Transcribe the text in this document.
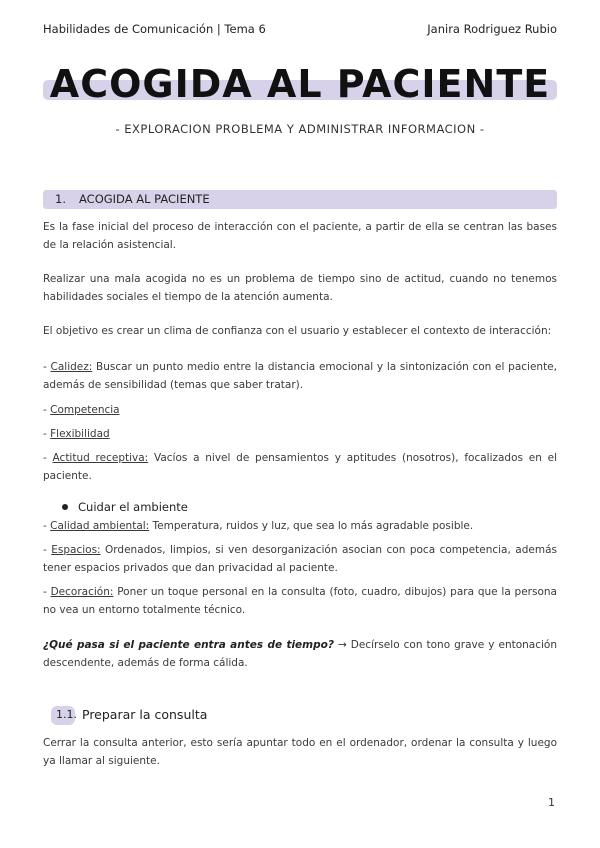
Habilidades de Comunicación | Tema 6	Janira Rodriguez Rubio
ACOGIDA AL PACIENTE
- EXPLORACION PROBLEMA Y ADMINISTRAR INFORMACION -
1. ACOGIDA AL PACIENTE
Es la fase inicial del proceso de interacción con el paciente, a partir de ella se centran las bases de la relación asistencial.
Realizar una mala acogida no es un problema de tiempo sino de actitud, cuando no tenemos habilidades sociales el tiempo de la atención aumenta.
El objetivo es crear un clima de confianza con el usuario y establecer el contexto de interacción:
- Calidez: Buscar un punto medio entre la distancia emocional y la sintonización con el paciente, además de sensibilidad (temas que saber tratar).
- Competencia
- Flexibilidad
- Actitud receptiva: Vacíos a nivel de pensamientos y aptitudes (nosotros), focalizados en el paciente.
Cuidar el ambiente
- Calidad ambiental: Temperatura, ruidos y luz, que sea lo más agradable posible.
- Espacios: Ordenados, limpios, si ven desorganización asocian con poca competencia, además tener espacios privados que dan privacidad al paciente.
- Decoración: Poner un toque personal en la consulta (foto, cuadro, dibujos) para que la persona no vea un entorno totalmente técnico.
¿Qué pasa si el paciente entra antes de tiempo? → Decírselo con tono grave y entonación descendente, además de forma cálida.
1.1. Preparar la consulta
Cerrar la consulta anterior, esto sería apuntar todo en el ordenador, ordenar la consulta y luego ya llamar al siguiente.
1
